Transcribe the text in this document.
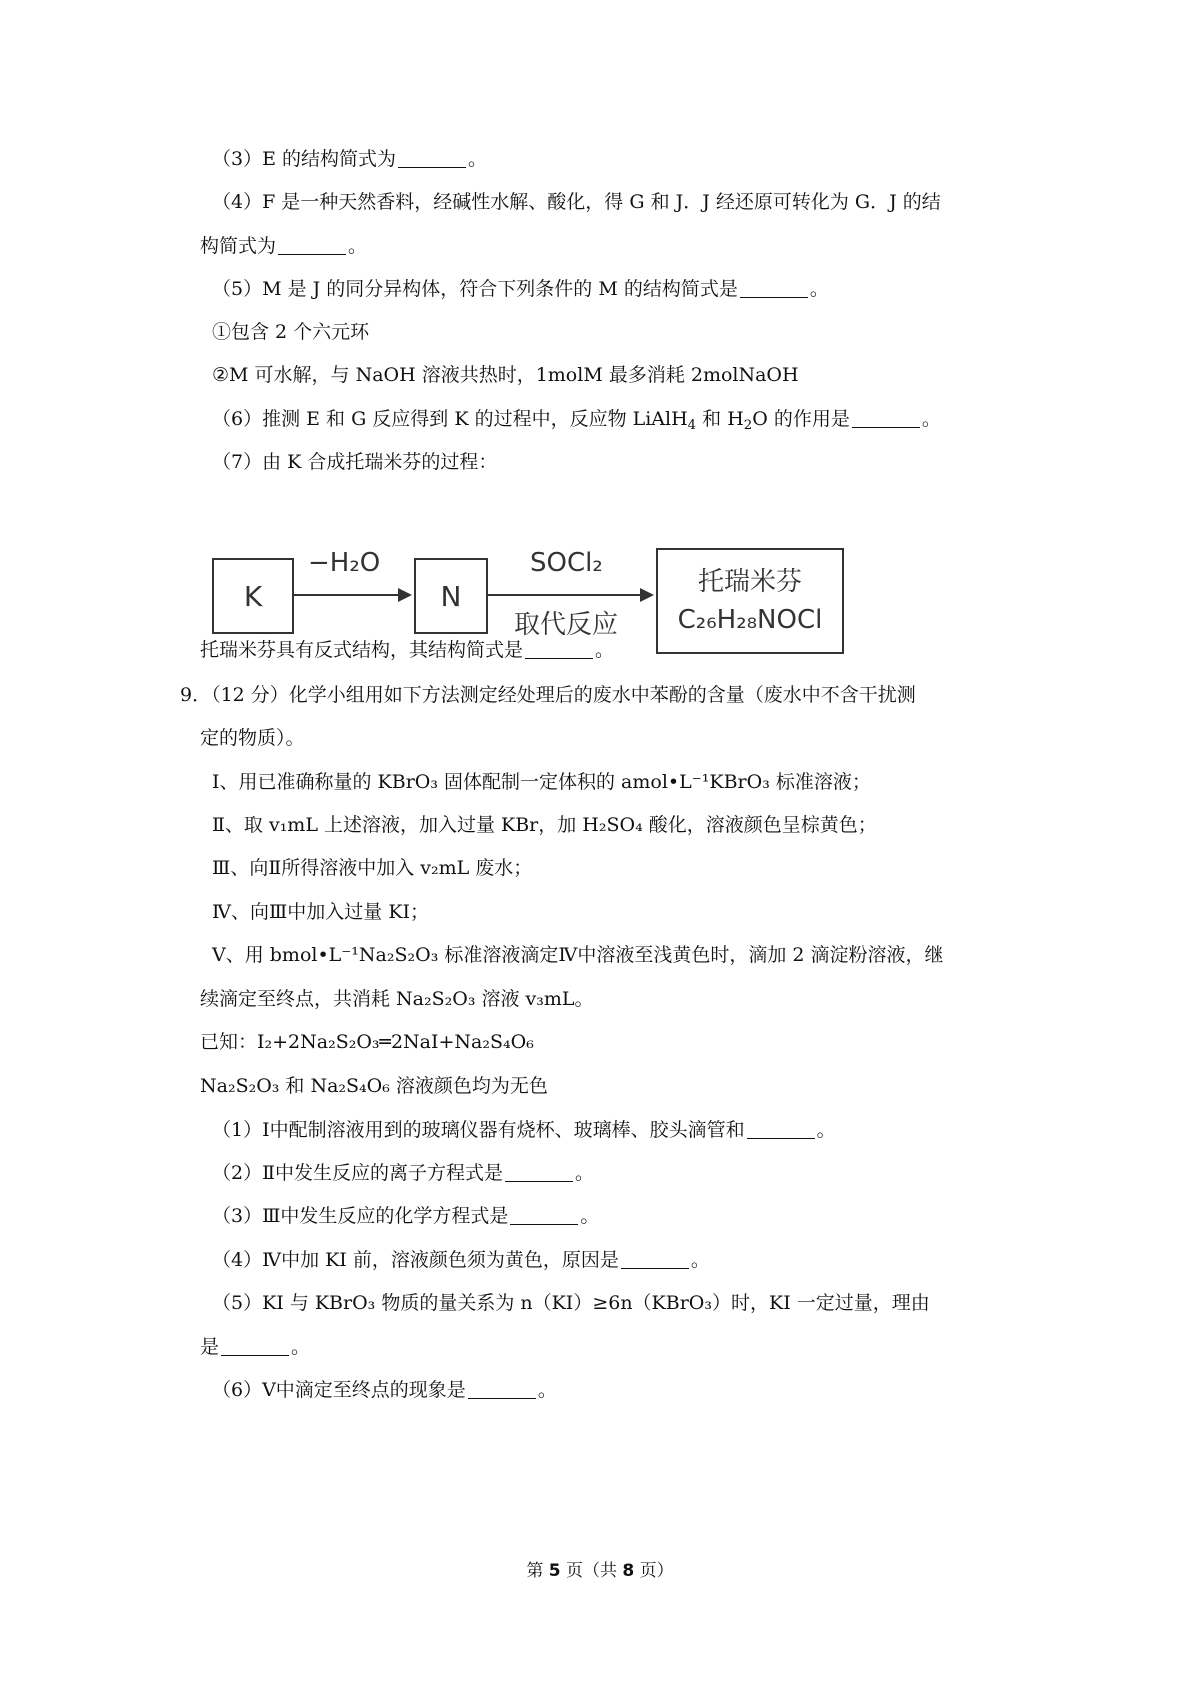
（3）E 的结构简式为	。
（4）F 是一种天然香料，经碱性水解、酸化，得 G 和 J．J 经还原可转化为 G．J 的结
构简式为	。
（5）M 是 J 的同分异构体，符合下列条件的 M 的结构简式是	。
①包含 2 个六元环
②M 可水解，与 NaOH 溶液共热时，1molM 最多消耗 2molNaOH
（6）推测 E 和 G 反应得到 K 的过程中，反应物 LiAlH$_4$ 和 $H_2O$ 的作用是	。
（7）由 K 合成托瑞米芬的过程：
K
−H₂O
N
SOCl₂
取代反应
托瑞米芬
C₂₆H₂₈NOCl
托瑞米芬具有反式结构，其结构简式是	。
9．（12 分）化学小组用如下方法测定经处理后的废水中苯酚的含量（废水中不含干扰测
定的物质）。
Ⅰ、用已准确称量的 KBrO₃ 固体配制一定体积的 amol•L⁻¹KBrO₃ 标准溶液；
Ⅱ、取 v₁mL 上述溶液，加入过量 KBr，加 H₂SO₄ 酸化，溶液颜色呈棕黄色；
Ⅲ、向Ⅱ所得溶液中加入 v₂mL 废水；
Ⅳ、向Ⅲ中加入过量 KI；
Ⅴ、用 bmol•L⁻¹Na₂S₂O₃ 标准溶液滴定Ⅳ中溶液至浅黄色时，滴加 2 滴淀粉溶液，继
续滴定至终点，共消耗 Na₂S₂O₃ 溶液 v₃mL。
已知：I₂+2Na₂S₂O₃═2NaI+Na₂S₄O₆
Na₂S₂O₃ 和 Na₂S₄O₆ 溶液颜色均为无色
（1）Ⅰ中配制溶液用到的玻璃仪器有烧杯、玻璃棒、胶头滴管和	。
（2）Ⅱ中发生反应的离子方程式是	。
（3）Ⅲ中发生反应的化学方程式是	。
（4）Ⅳ中加 KI 前，溶液颜色须为黄色，原因是	。
（5）KI 与 KBrO₃ 物质的量关系为 n（KI）≥6n（KBrO₃）时，KI 一定过量，理由
是	。
（6）Ⅴ中滴定至终点的现象是	。
第 5 页（共 8 页）
